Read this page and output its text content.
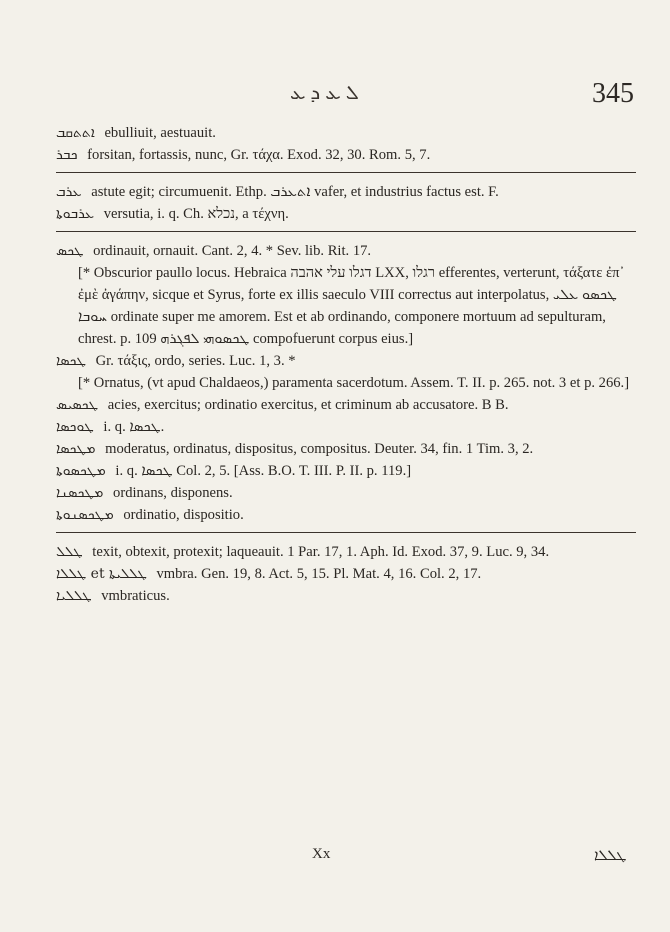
ܠ ܥ ܕ ܥ	345

ܐܬܬܩܒ ebulliuit, aestuauit.

ܟܒܪ forsitan, fortassis, nunc, Gr. τάχα. Exod. 32, 30. Rom. 5, 7.

ܥܪܒ astute egit; circumuenit. Ethp. ܐܬܥܪܒ vafer, et industrius factus est. F.

ܥܪܒܘܬܐ versutia, i. q. Ch. נכלא, a τέχνη.

ܛܟܣ ordinauit, ornauit. Cant. 2, 4. * Sev. lib. Rit. 17.

[* Obscurior paullo locus. Hebraica דגלו עלי אהבה LXX, רגלו efferentes, verterunt, τάξατε ἐπ᾽ ἐμὲ ἀγάπην, sicque et Syrus, forte ex illis saeculo VIII correctus aut interpolatus, ܛܟܣܘ ܥܠܝ ܚܘܒܐ ordinate super me amorem. Est et ab ordinando, componere mortuum ad sepulturam, chrest. p. 109 ܛܟܣܘܗܝ ܠܦܓܪܗ compofuerunt corpus eius.]

ܛܟܣܐ Gr. τάξις, ordo, series. Luc. 1, 3. *

[* Ornatus, (vt apud Chaldaeos,) paramenta sacerdotum. Assem. T. II. p. 265. not. 3 et p. 266.]

ܛܟܣܝܣ acies, exercitus; ordinatio exercitus, et criminum ab accusatore. B B.

ܛܘܟܣܐ i. q. ܛܟܣܐ.

ܡܛܟܣܐ moderatus, ordinatus, dispositus, compositus. Deuter. 34, fin. 1 Tim. 3, 2.

ܡܛܟܣܘܬܐ i. q. ܛܟܣܐ Col. 2, 5. [Ass. B.O. T. III. P. II. p. 119.]

ܡܛܟܣܢܐ ordinans, disponens.

ܡܛܟܣܢܘܬܐ ordinatio, dispositio.

ܛܠܠ texit, obtexit, protexit; laqueauit. 1 Par. 17, 1. Aph. Id. Exod. 37, 9. Luc. 9, 34.

ܛܠܠܐ et ܛܠܠܝܬܐ vmbra. Gen. 19, 8. Act. 5, 15. Pl. Mat. 4, 16. Col. 2, 17.

ܛܠܠܝܐ vmbraticus.

Xx	ܛܠܠܐ
